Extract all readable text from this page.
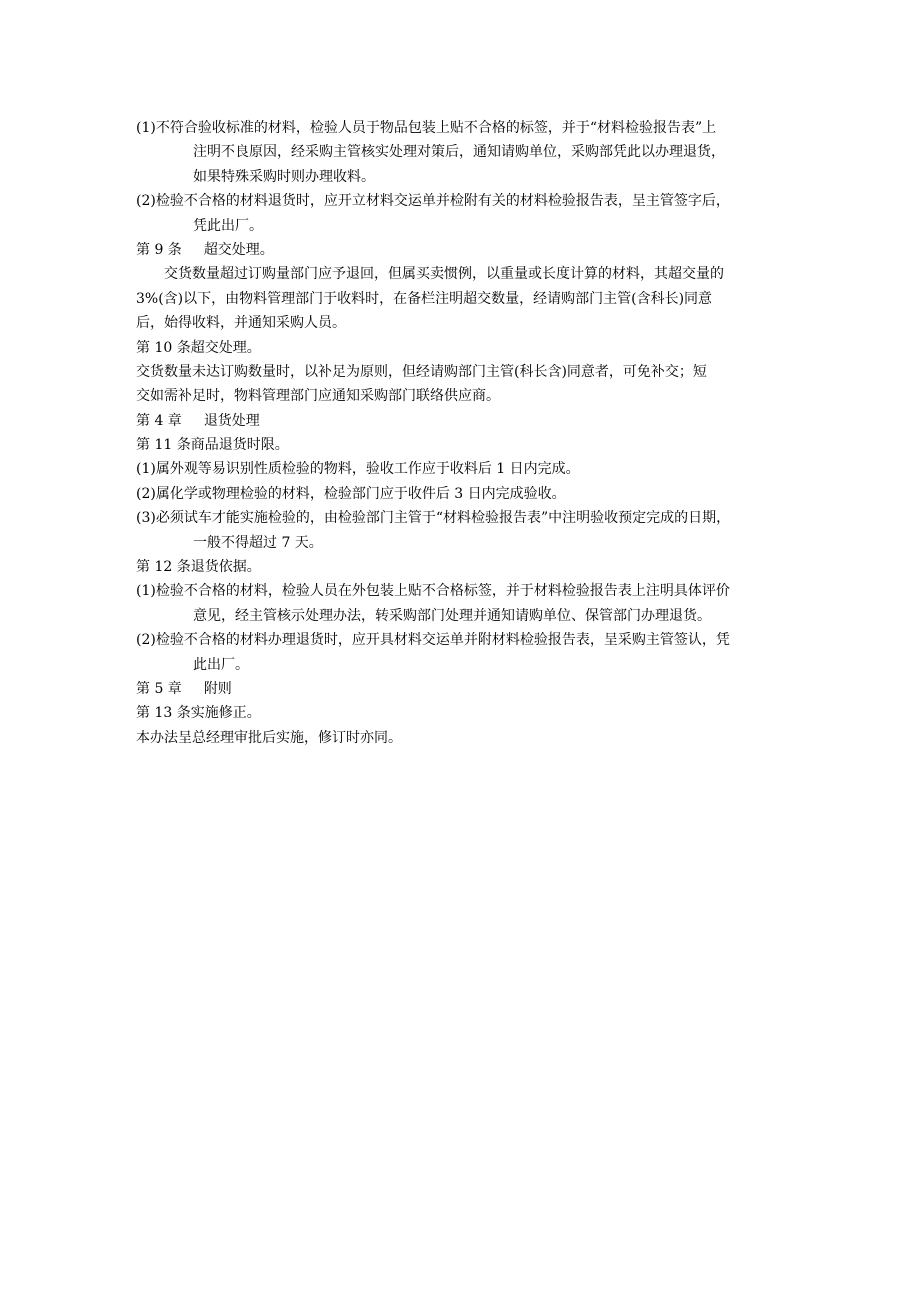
(1)不符合验收标准的材料，检验人员于物品包装上贴不合格的标签，并于“材料检验报告表”上
注明不良原因，经采购主管核实处理对策后，通知请购单位，采购部凭此以办理退货，
如果特殊采购时则办理收料。
(2)检验不合格的材料退货时，应开立材料交运单并检附有关的材料检验报告表，呈主管签字后，
凭此出厂。
第 9 条 超交处理。
交货数量超过订购量部门应予退回，但属买卖惯例，以重量或长度计算的材料，其超交量的
3%(含)以下，由物料管理部门于收料时，在备栏注明超交数量，经请购部门主管(含科长)同意
后，始得收料，并通知采购人员。
第 10 条超交处理。
交货数量未达订购数量时，以补足为原则，但经请购部门主管(科长含)同意者，可免补交；短
交如需补足时，物料管理部门应通知采购部门联络供应商。
第 4 章 退货处理
第 11 条商品退货时限。
(1)属外观等易识别性质检验的物料，验收工作应于收料后 1 日内完成。
(2)属化学或物理检验的材料，检验部门应于收件后 3 日内完成验收。
(3)必须试车才能实施检验的，由检验部门主管于“材料检验报告表”中注明验收预定完成的日期，
一般不得超过 7 天。
第 12 条退货依据。
(1)检验不合格的材料，检验人员在外包装上贴不合格标签，并于材料检验报告表上注明具体评价
意见，经主管核示处理办法，转采购部门处理并通知请购单位、保管部门办理退货。
(2)检验不合格的材料办理退货时，应开具材料交运单并附材料检验报告表，呈采购主管签认，凭
此出厂。
第 5 章 附则
第 13 条实施修正。
本办法呈总经理审批后实施，修订时亦同。
